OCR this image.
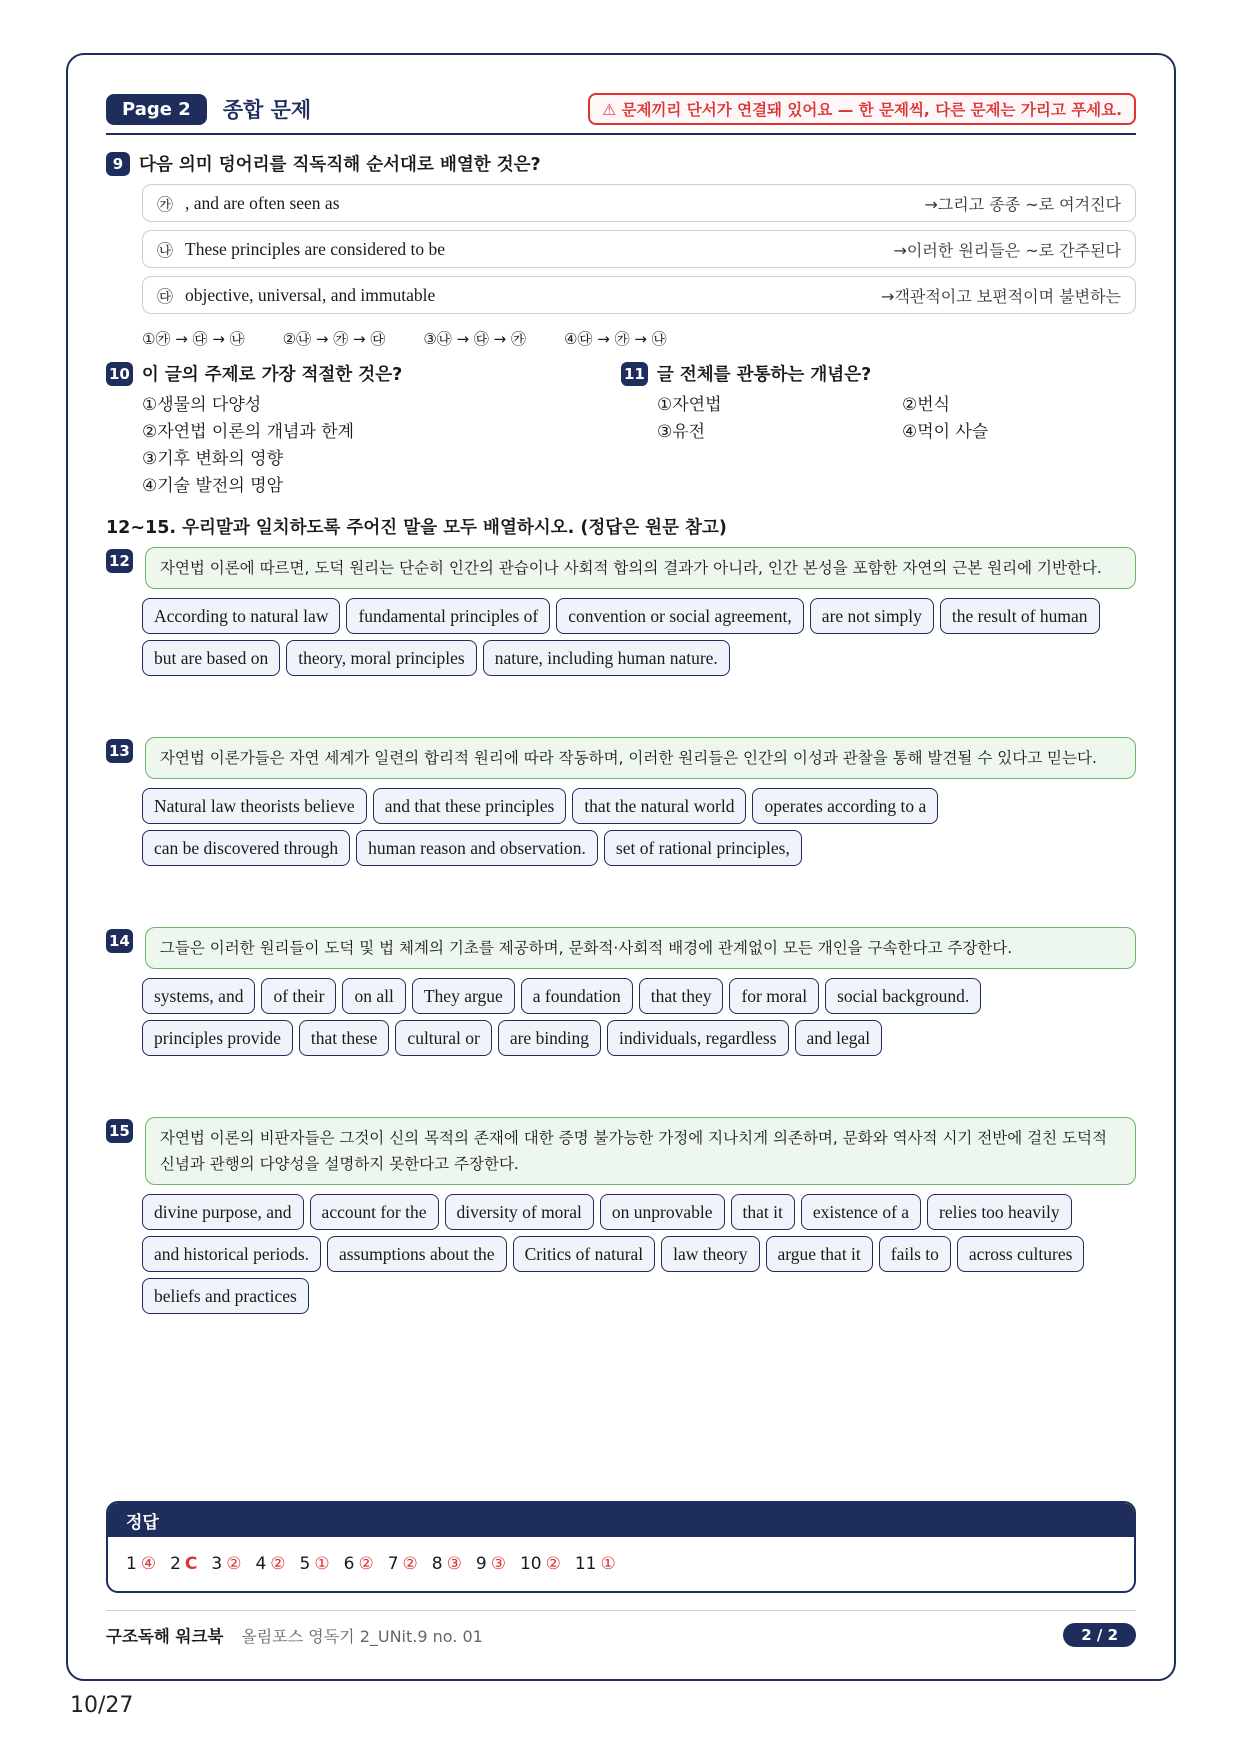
Page 2	종합 문제	⚠ 문제끼리 단서가 연결돼 있어요 — 한 문제씩, 다른 문제는 가리고 푸세요.
9 다음 의미 덩어리를 직독직해 순서대로 배열한 것은?
㉮ , and are often seen as	→그리고 종종 ~로 여겨진다
㉯ These principles are considered to be	→이러한 원리들은 ~로 간주된다
㉰ objective, universal, and immutable	→객관적이고 보편적이며 불변하는
①㉮ → ㉰ → ㉯	②㉯ → ㉮ → ㉰	③㉯ → ㉰ → ㉮	④㉰ → ㉮ → ㉯
10 이 글의 주제로 가장 적절한 것은?
①생물의 다양성
②자연법 이론의 개념과 한계
③기후 변화의 영향
④기술 발전의 명암
11 글 전체를 관통하는 개념은?
①자연법	②번식
③유전	④먹이 사슬
12~15. 우리말과 일치하도록 주어진 말을 모두 배열하시오. (정답은 원문 참고)
12	자연법 이론에 따르면, 도덕 원리는 단순히 인간의 관습이나 사회적 합의의 결과가 아니라, 인간 본성을 포함한 자연의 근본 원리에 기반한다.
According to natural law	fundamental principles of	convention or social agreement,	are not simply	the result of human
but are based on	theory, moral principles	nature, including human nature.
13	자연법 이론가들은 자연 세계가 일련의 합리적 원리에 따라 작동하며, 이러한 원리들은 인간의 이성과 관찰을 통해 발견될 수 있다고 믿는다.
Natural law theorists believe	and that these principles	that the natural world	operates according to a
can be discovered through	human reason and observation.	set of rational principles,
14	그들은 이러한 원리들이 도덕 및 법 체계의 기초를 제공하며, 문화적·사회적 배경에 관계없이 모든 개인을 구속한다고 주장한다.
systems, and	of their	on all	They argue	a foundation	that they	for moral	social background.
principles provide	that these	cultural or	are binding	individuals, regardless	and legal
15	자연법 이론의 비판자들은 그것이 신의 목적의 존재에 대한 증명 불가능한 가정에 지나치게 의존하며, 문화와 역사적 시기 전반에 걸친 도덕적 신념과 관행의 다양성을 설명하지 못한다고 주장한다.
divine purpose, and	account for the	diversity of moral	on unprovable	that it	existence of a	relies too heavily
and historical periods.	assumptions about the	Critics of natural	law theory	argue that it	fails to	across cultures
beliefs and practices
정답
1 ④ 2 C 3 ② 4 ② 5 ① 6 ② 7 ② 8 ③ 9 ③ 10 ② 11 ①
구조독해 워크북 올림포스 영독기 2_UNit.9 no. 01	2 / 2
10/27
